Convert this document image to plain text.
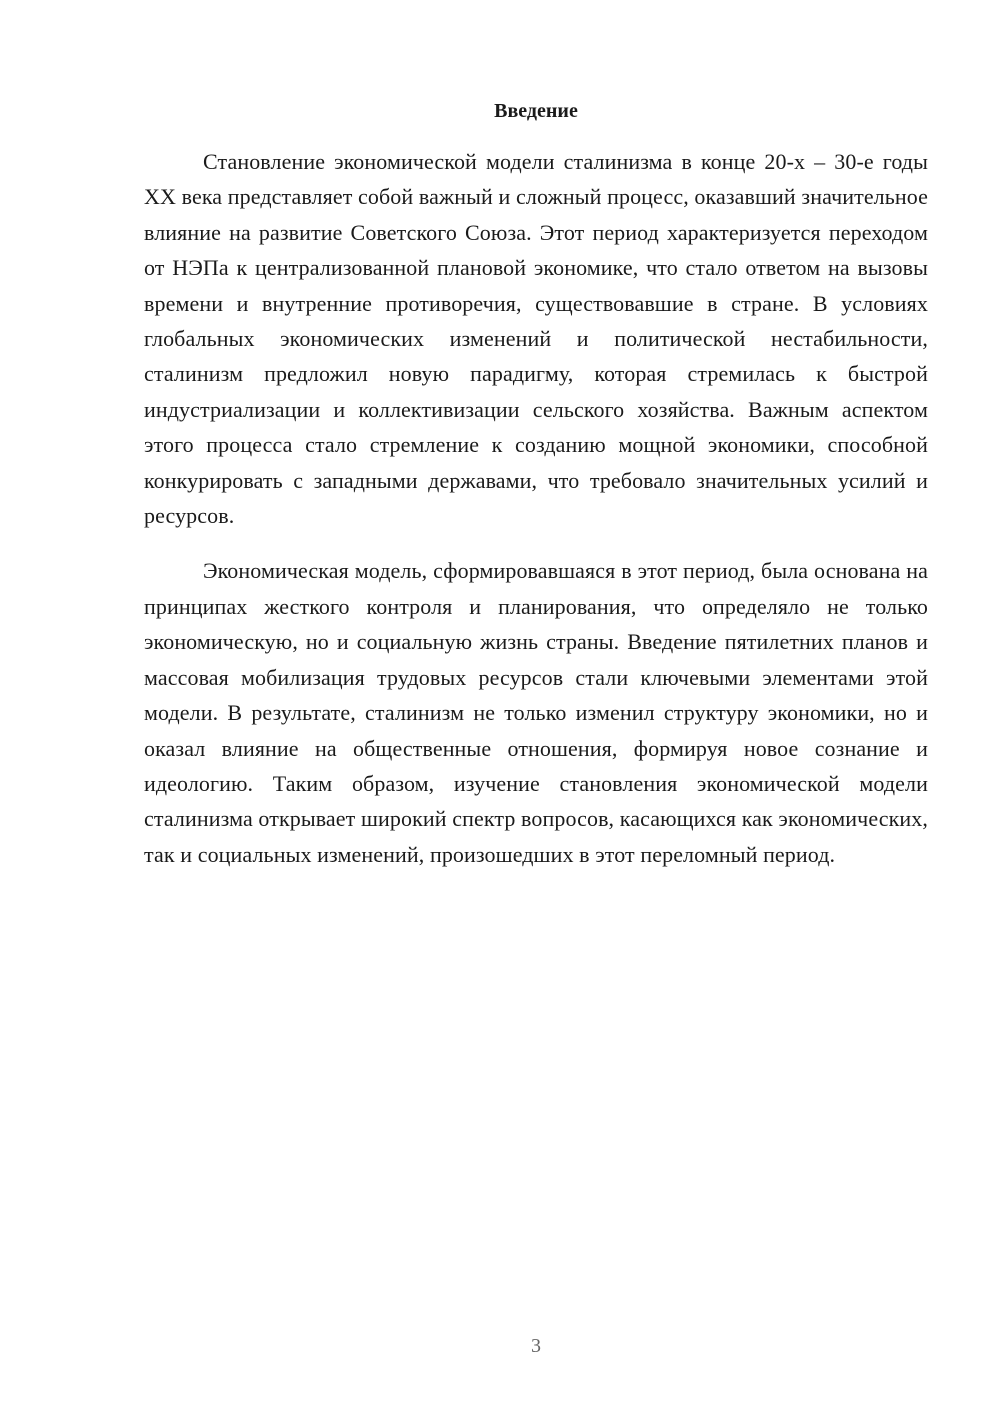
Введение

Становление экономической модели сталинизма в конце 20-х – 30-е годы XX века представляет собой важный и сложный процесс, оказавший значительное влияние на развитие Советского Союза. Этот период характеризуется переходом от НЭПа к централизованной плановой экономике, что стало ответом на вызовы времени и внутренние противоречия, существовавшие в стране. В условиях глобальных экономических изменений и политической нестабильности, сталинизм предложил новую парадигму, которая стремилась к быстрой индустриализации и коллективизации сельского хозяйства. Важным аспектом этого процесса стало стремление к созданию мощной экономики, способной конкурировать с западными державами, что требовало значительных усилий и ресурсов.

Экономическая модель, сформировавшаяся в этот период, была основана на принципах жесткого контроля и планирования, что определяло не только экономическую, но и социальную жизнь страны. Введение пятилетних планов и массовая мобилизация трудовых ресурсов стали ключевыми элементами этой модели. В результате, сталинизм не только изменил структуру экономики, но и оказал влияние на общественные отношения, формируя новое сознание и идеологию. Таким образом, изучение становления экономической модели сталинизма открывает широкий спектр вопросов, касающихся как экономических, так и социальных изменений, произошедших в этот переломный период.

3
